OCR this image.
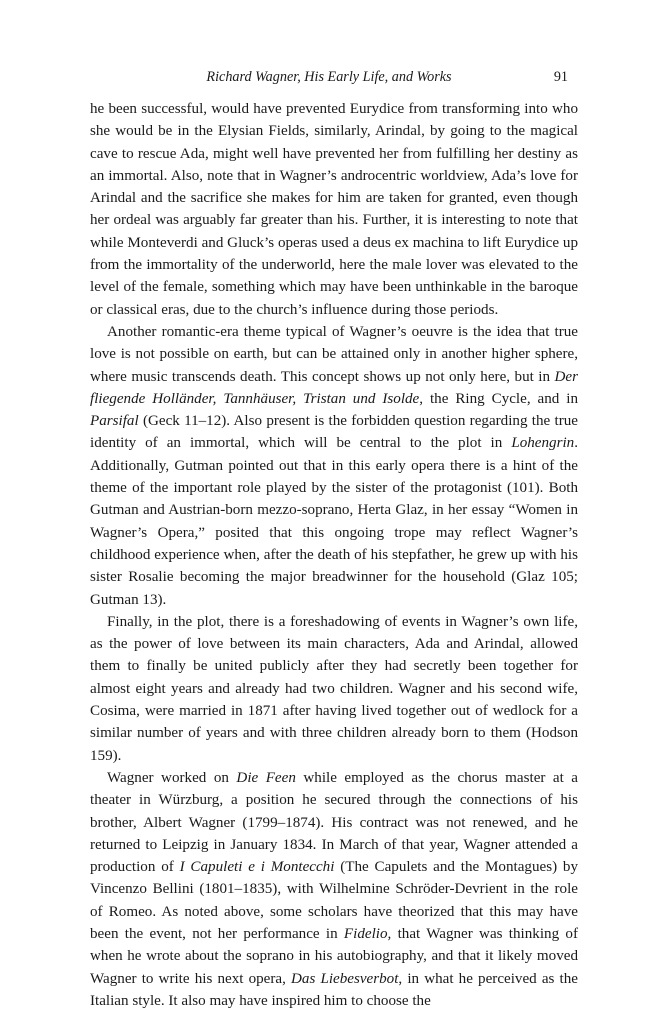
Richard Wagner, His Early Life, and Works	91

he been successful, would have prevented Eurydice from transforming into who she would be in the Elysian Fields, similarly, Arindal, by going to the magical cave to rescue Ada, might well have prevented her from fulfilling her destiny as an immortal. Also, note that in Wagner’s androcentric worldview, Ada’s love for Arindal and the sacrifice she makes for him are taken for granted, even though her ordeal was arguably far greater than his. Further, it is interesting to note that while Monteverdi and Gluck’s operas used a deus ex machina to lift Eurydice up from the immortality of the underworld, here the male lover was elevated to the level of the female, something which may have been unthinkable in the baroque or classical eras, due to the church’s influence during those periods.

Another romantic-era theme typical of Wagner’s oeuvre is the idea that true love is not possible on earth, but can be attained only in another higher sphere, where music transcends death. This concept shows up not only here, but in Der fliegende Holländer, Tannhäuser, Tristan und Isolde, the Ring Cycle, and in Parsifal (Geck 11–12). Also present is the forbidden question regarding the true identity of an immortal, which will be central to the plot in Lohengrin. Additionally, Gutman pointed out that in this early opera there is a hint of the theme of the important role played by the sister of the protagonist (101). Both Gutman and Austrian-born mezzo-soprano, Herta Glaz, in her essay “Women in Wagner’s Opera,” posited that this ongoing trope may reflect Wagner’s childhood experience when, after the death of his stepfather, he grew up with his sister Rosalie becoming the major breadwinner for the household (Glaz 105; Gutman 13).

Finally, in the plot, there is a foreshadowing of events in Wagner’s own life, as the power of love between its main characters, Ada and Arindal, allowed them to finally be united publicly after they had secretly been together for almost eight years and already had two children. Wagner and his second wife, Cosima, were married in 1871 after having lived together out of wedlock for a similar number of years and with three children already born to them (Hodson 159).

Wagner worked on Die Feen while employed as the chorus master at a theater in Würzburg, a position he secured through the connections of his brother, Albert Wagner (1799–1874). His contract was not renewed, and he returned to Leipzig in January 1834. In March of that year, Wagner attended a production of I Capuleti e i Montecchi (The Capulets and the Montagues) by Vincenzo Bellini (1801–1835), with Wilhelmine Schröder-Devrient in the role of Romeo. As noted above, some scholars have theorized that this may have been the event, not her performance in Fidelio, that Wagner was thinking of when he wrote about the soprano in his autobiography, and that it likely moved Wagner to write his next opera, Das Liebesverbot, in what he perceived as the Italian style. It also may have inspired him to choose the
